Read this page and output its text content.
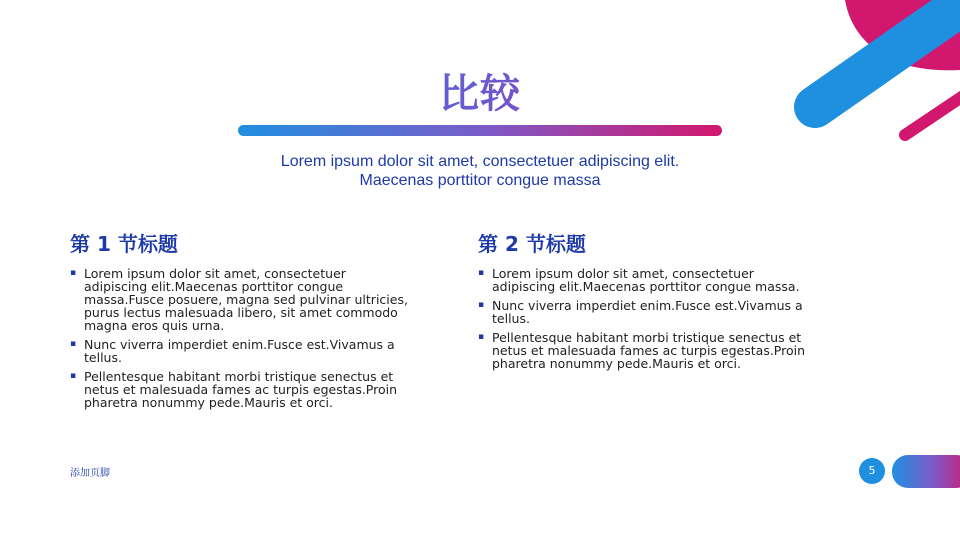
比较
Lorem ipsum dolor sit amet, consectetuer adipiscing elit.
Maecenas porttitor congue massa
第 1 节标题
▪ Lorem ipsum dolor sit amet, consectetuer adipiscing elit.Maecenas porttitor congue massa.Fusce posuere, magna sed pulvinar ultricies, purus lectus malesuada libero, sit amet commodo magna eros quis urna.
▪ Nunc viverra imperdiet enim.Fusce est.Vivamus a tellus.
▪ Pellentesque habitant morbi tristique senectus et netus et malesuada fames ac turpis egestas.Proin pharetra nonummy pede.Mauris et orci.
第 2 节标题
▪ Lorem ipsum dolor sit amet, consectetuer adipiscing elit.Maecenas porttitor congue massa.
▪ Nunc viverra imperdiet enim.Fusce est.Vivamus a tellus.
▪ Pellentesque habitant morbi tristique senectus et netus et malesuada fames ac turpis egestas.Proin pharetra nonummy pede.Mauris et orci.
添加页脚	5
